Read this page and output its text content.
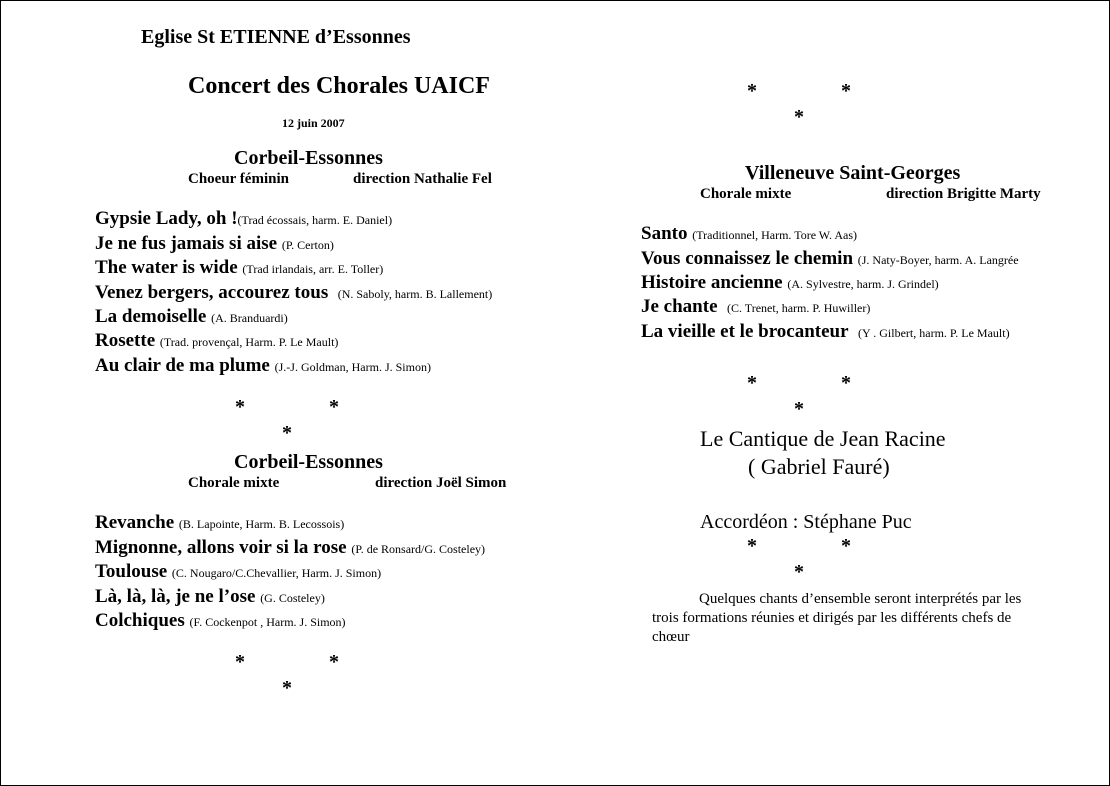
Eglise St ETIENNE d’Essonnes
Concert des Chorales UAICF
12 juin 2007
Corbeil-Essonnes
Choeur féminin	direction Nathalie Fel
Gypsie Lady, oh !(Trad écossais, harm. E. Daniel)
Je ne fus jamais si aise (P. Certon)
The water is wide (Trad irlandais, arr. E. Toller)
Venez bergers, accourez tous (N. Saboly, harm. B. Lallement)
La demoiselle (A. Branduardi)
Rosette (Trad. provençal, Harm. P. Le Mault)
Au clair de ma plume (J.-J. Goldman, Harm. J. Simon)
*	*
*
Corbeil-Essonnes
Chorale mixte	direction Joël Simon
Revanche (B. Lapointe, Harm. B. Lecossois)
Mignonne, allons voir si la rose (P. de Ronsard/G. Costeley)
Toulouse (C. Nougaro/C.Chevallier, Harm. J. Simon)
Là, là, là, je ne l’ose (G. Costeley)
Colchiques (F. Cockenpot , Harm. J. Simon)
*	*
*
*	*
*
Villeneuve Saint-Georges
Chorale mixte	direction Brigitte Marty
Santo (Traditionnel, Harm. Tore W. Aas)
Vous connaissez le chemin (J. Naty-Boyer, harm. A. Langrée
Histoire ancienne (A. Sylvestre, harm. J. Grindel)
Je chante (C. Trenet, harm. P. Huwiller)
La vieille et le brocanteur (Y . Gilbert, harm. P. Le Mault)
*	*
*
Le Cantique de Jean Racine
( Gabriel Fauré)
Accordéon : Stéphane Puc
*	*
*
Quelques chants d’ensemble seront interprétés par les trois formations réunies et dirigés par les différents chefs de chœur
